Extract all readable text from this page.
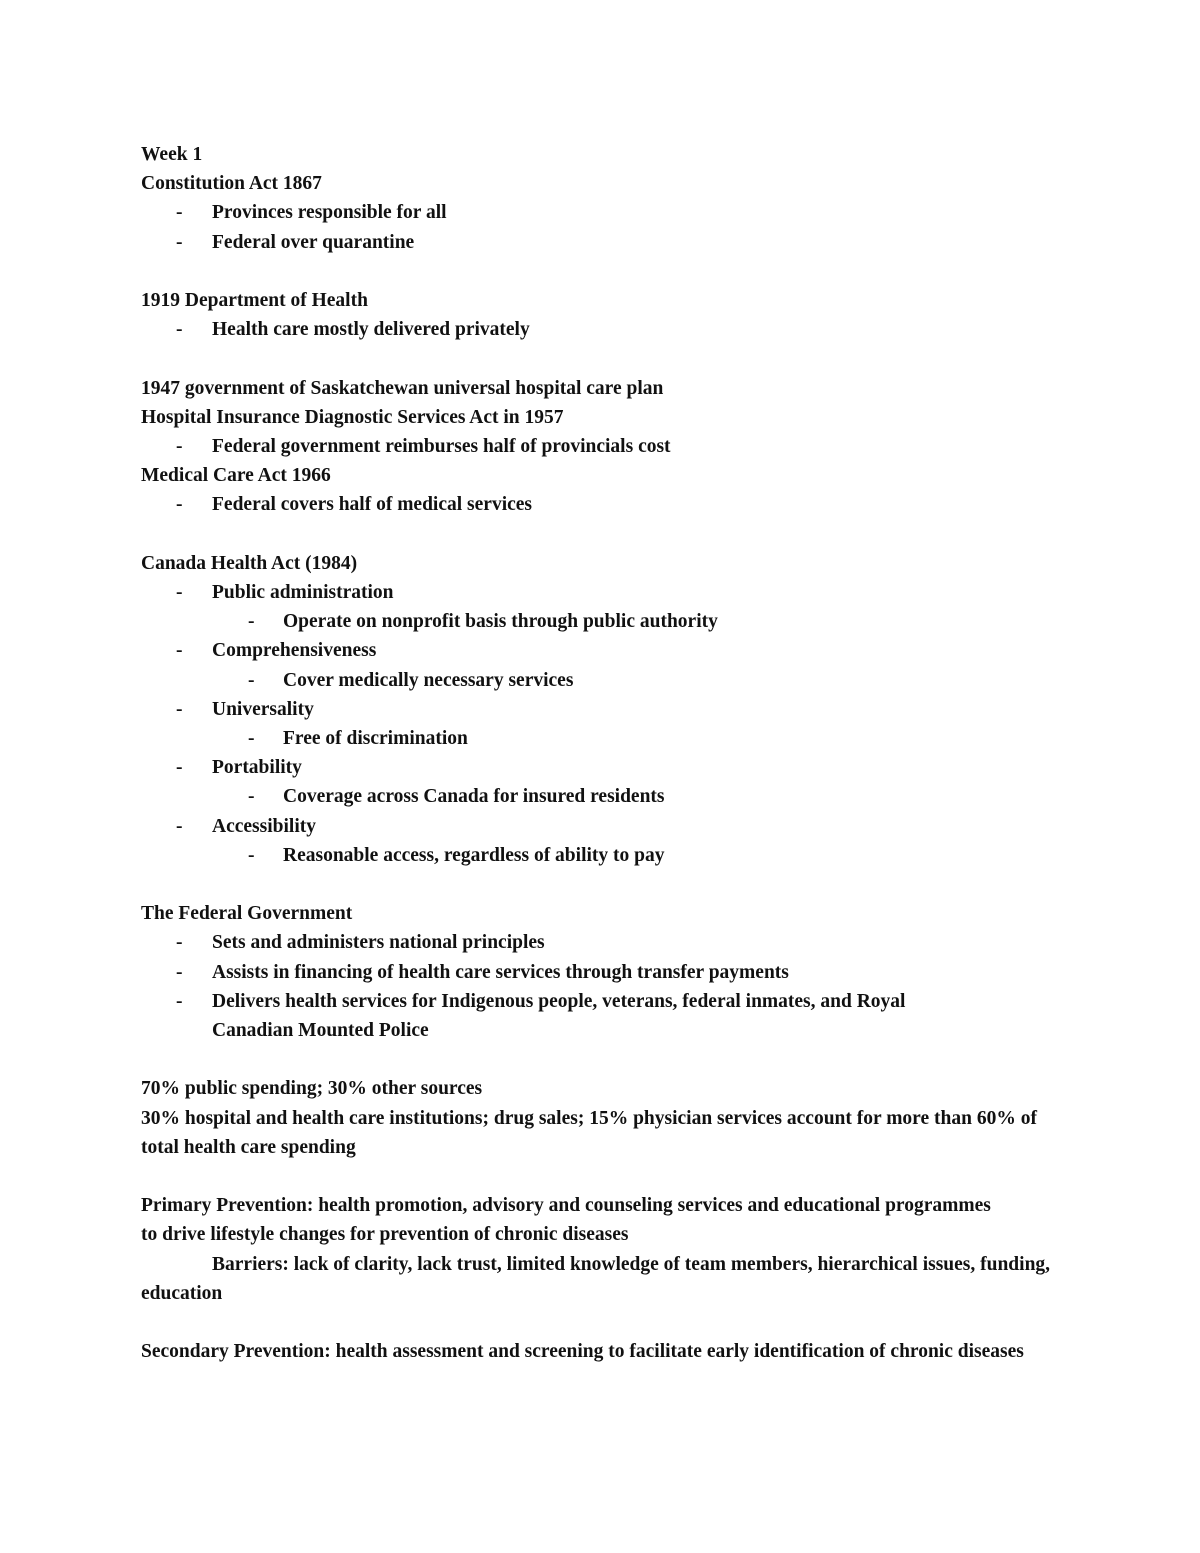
Week 1
Constitution Act 1867
- Provinces responsible for all
- Federal over quarantine
1919 Department of Health
- Health care mostly delivered privately
1947 government of Saskatchewan universal hospital care plan
Hospital Insurance Diagnostic Services Act in 1957
- Federal government reimburses half of provincials cost
Medical Care Act 1966
- Federal covers half of medical services
Canada Health Act (1984)
- Public administration
- Operate on nonprofit basis through public authority
- Comprehensiveness
- Cover medically necessary services
- Universality
- Free of discrimination
- Portability
- Coverage across Canada for insured residents
- Accessibility
- Reasonable access, regardless of ability to pay
The Federal Government
- Sets and administers national principles
- Assists in financing of health care services through transfer payments
- Delivers health services for Indigenous people, veterans, federal inmates, and Royal Canadian Mounted Police
70% public spending; 30% other sources
30% hospital and health care institutions; drug sales; 15% physician services account for more than 60% of total health care spending
Primary Prevention: health promotion, advisory and counseling services and educational programmes to drive lifestyle changes for prevention of chronic diseases
Barriers: lack of clarity, lack trust, limited knowledge of team members, hierarchical issues, funding, education
Secondary Prevention: health assessment and screening to facilitate early identification of chronic diseases
